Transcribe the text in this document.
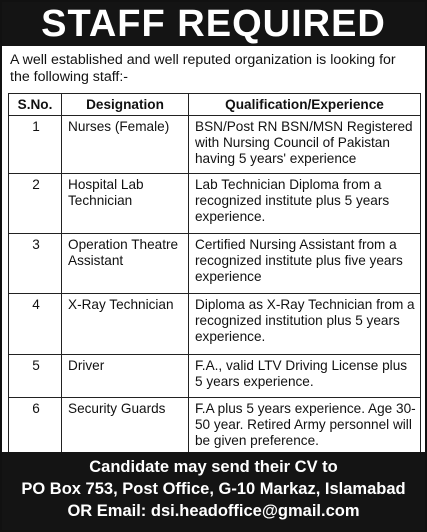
STAFF REQUIRED
A well established and well reputed organization is looking for the following staff:-
S.No.	Designation	Qualification/Experience
1	Nurses (Female)	BSN/Post RN BSN/MSN Registered with Nursing Council of Pakistan having 5 years' experience
2	Hospital Lab Technician	Lab Technician Diploma from a recognized institute plus 5 years experience.
3	Operation Theatre Assistant	Certified Nursing Assistant from a recognized institute plus five years experience
4	X-Ray Technician	Diploma as X-Ray Technician from a recognized institution plus 5 years experience.
5	Driver	F.A., valid LTV Driving License plus 5 years experience.
6	Security Guards	F.A plus 5 years experience. Age 30-50 year. Retired Army personnel will be given preference.
Candidate may send their CV to
PO Box 753, Post Office, G-10 Markaz, Islamabad
OR Email: dsi.headoffice@gmail.com
